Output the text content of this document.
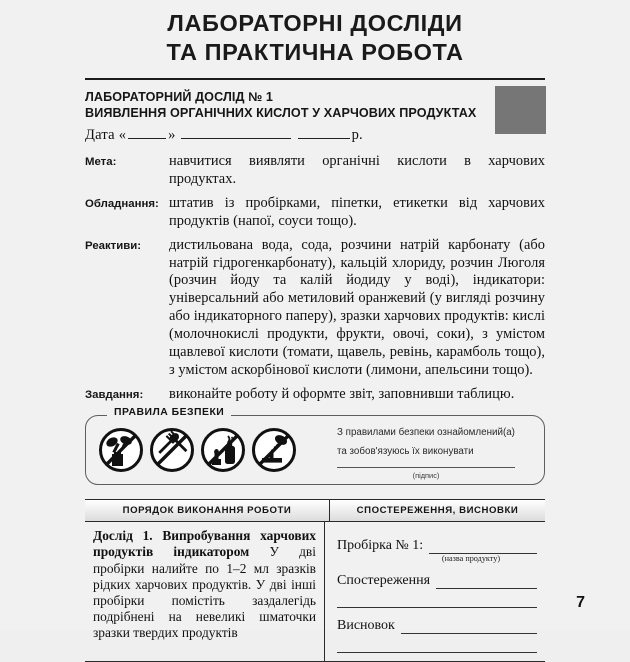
ЛАБОРАТОРНІ ДОСЛІДИ
ТА ПРАКТИЧНА РОБОТА
ЛАБОРАТОРНИЙ ДОСЛІД № 1
ВИЯВЛЕННЯ ОРГАНІЧНИХ КИСЛОТ У ХАРЧОВИХ ПРОДУКТАХ
Дата «	»	р.
Мета:	навчитися виявляти органічні кислоти в харчових продуктах.
Обладнання: штатив із пробірками, піпетки, етикетки від харчових продуктів (напої, соуси тощо).
Реактиви:	дистильована вода, сода, розчини натрій карбонату (або натрій гідрогенкарбонату), кальцій хлориду, розчин Люголя (розчин йоду та калій йодиду у воді), індикатори: універсальний або метиловий оранжевий (у вигляді розчину або індикаторного паперу), зразки харчових продуктів: кислі (молочнокислі продукти, фрукти, овочі, соки), з умістом щавлевої кислоти (томати, щавель, ревінь, карамболь тощо), з умістом аскорбінової кислоти (лимони, апельсини тощо).
Завдання:	виконайте роботу й оформте звіт, заповнивши таблицю.
ПРАВИЛА БЕЗПЕКИ
З правилами безпеки ознайомлений(а)
та зобов'язуюсь їх виконувати
(підпис)
ПОРЯДОК ВИКОНАННЯ РОБОТИ	СПОСТЕРЕЖЕННЯ, ВИСНОВКИ
Дослід 1. Випробування харчових продуктів індикатором У дві пробірки налийте по 1–2 мл зразків рідких харчових продуктів. У дві інші пробірки помістіть заздалегідь подрібнені на невеликі шматочки зразки твердих продуктів
Пробірка № 1:
(назва продукту)
Спостереження
Висновок
7
